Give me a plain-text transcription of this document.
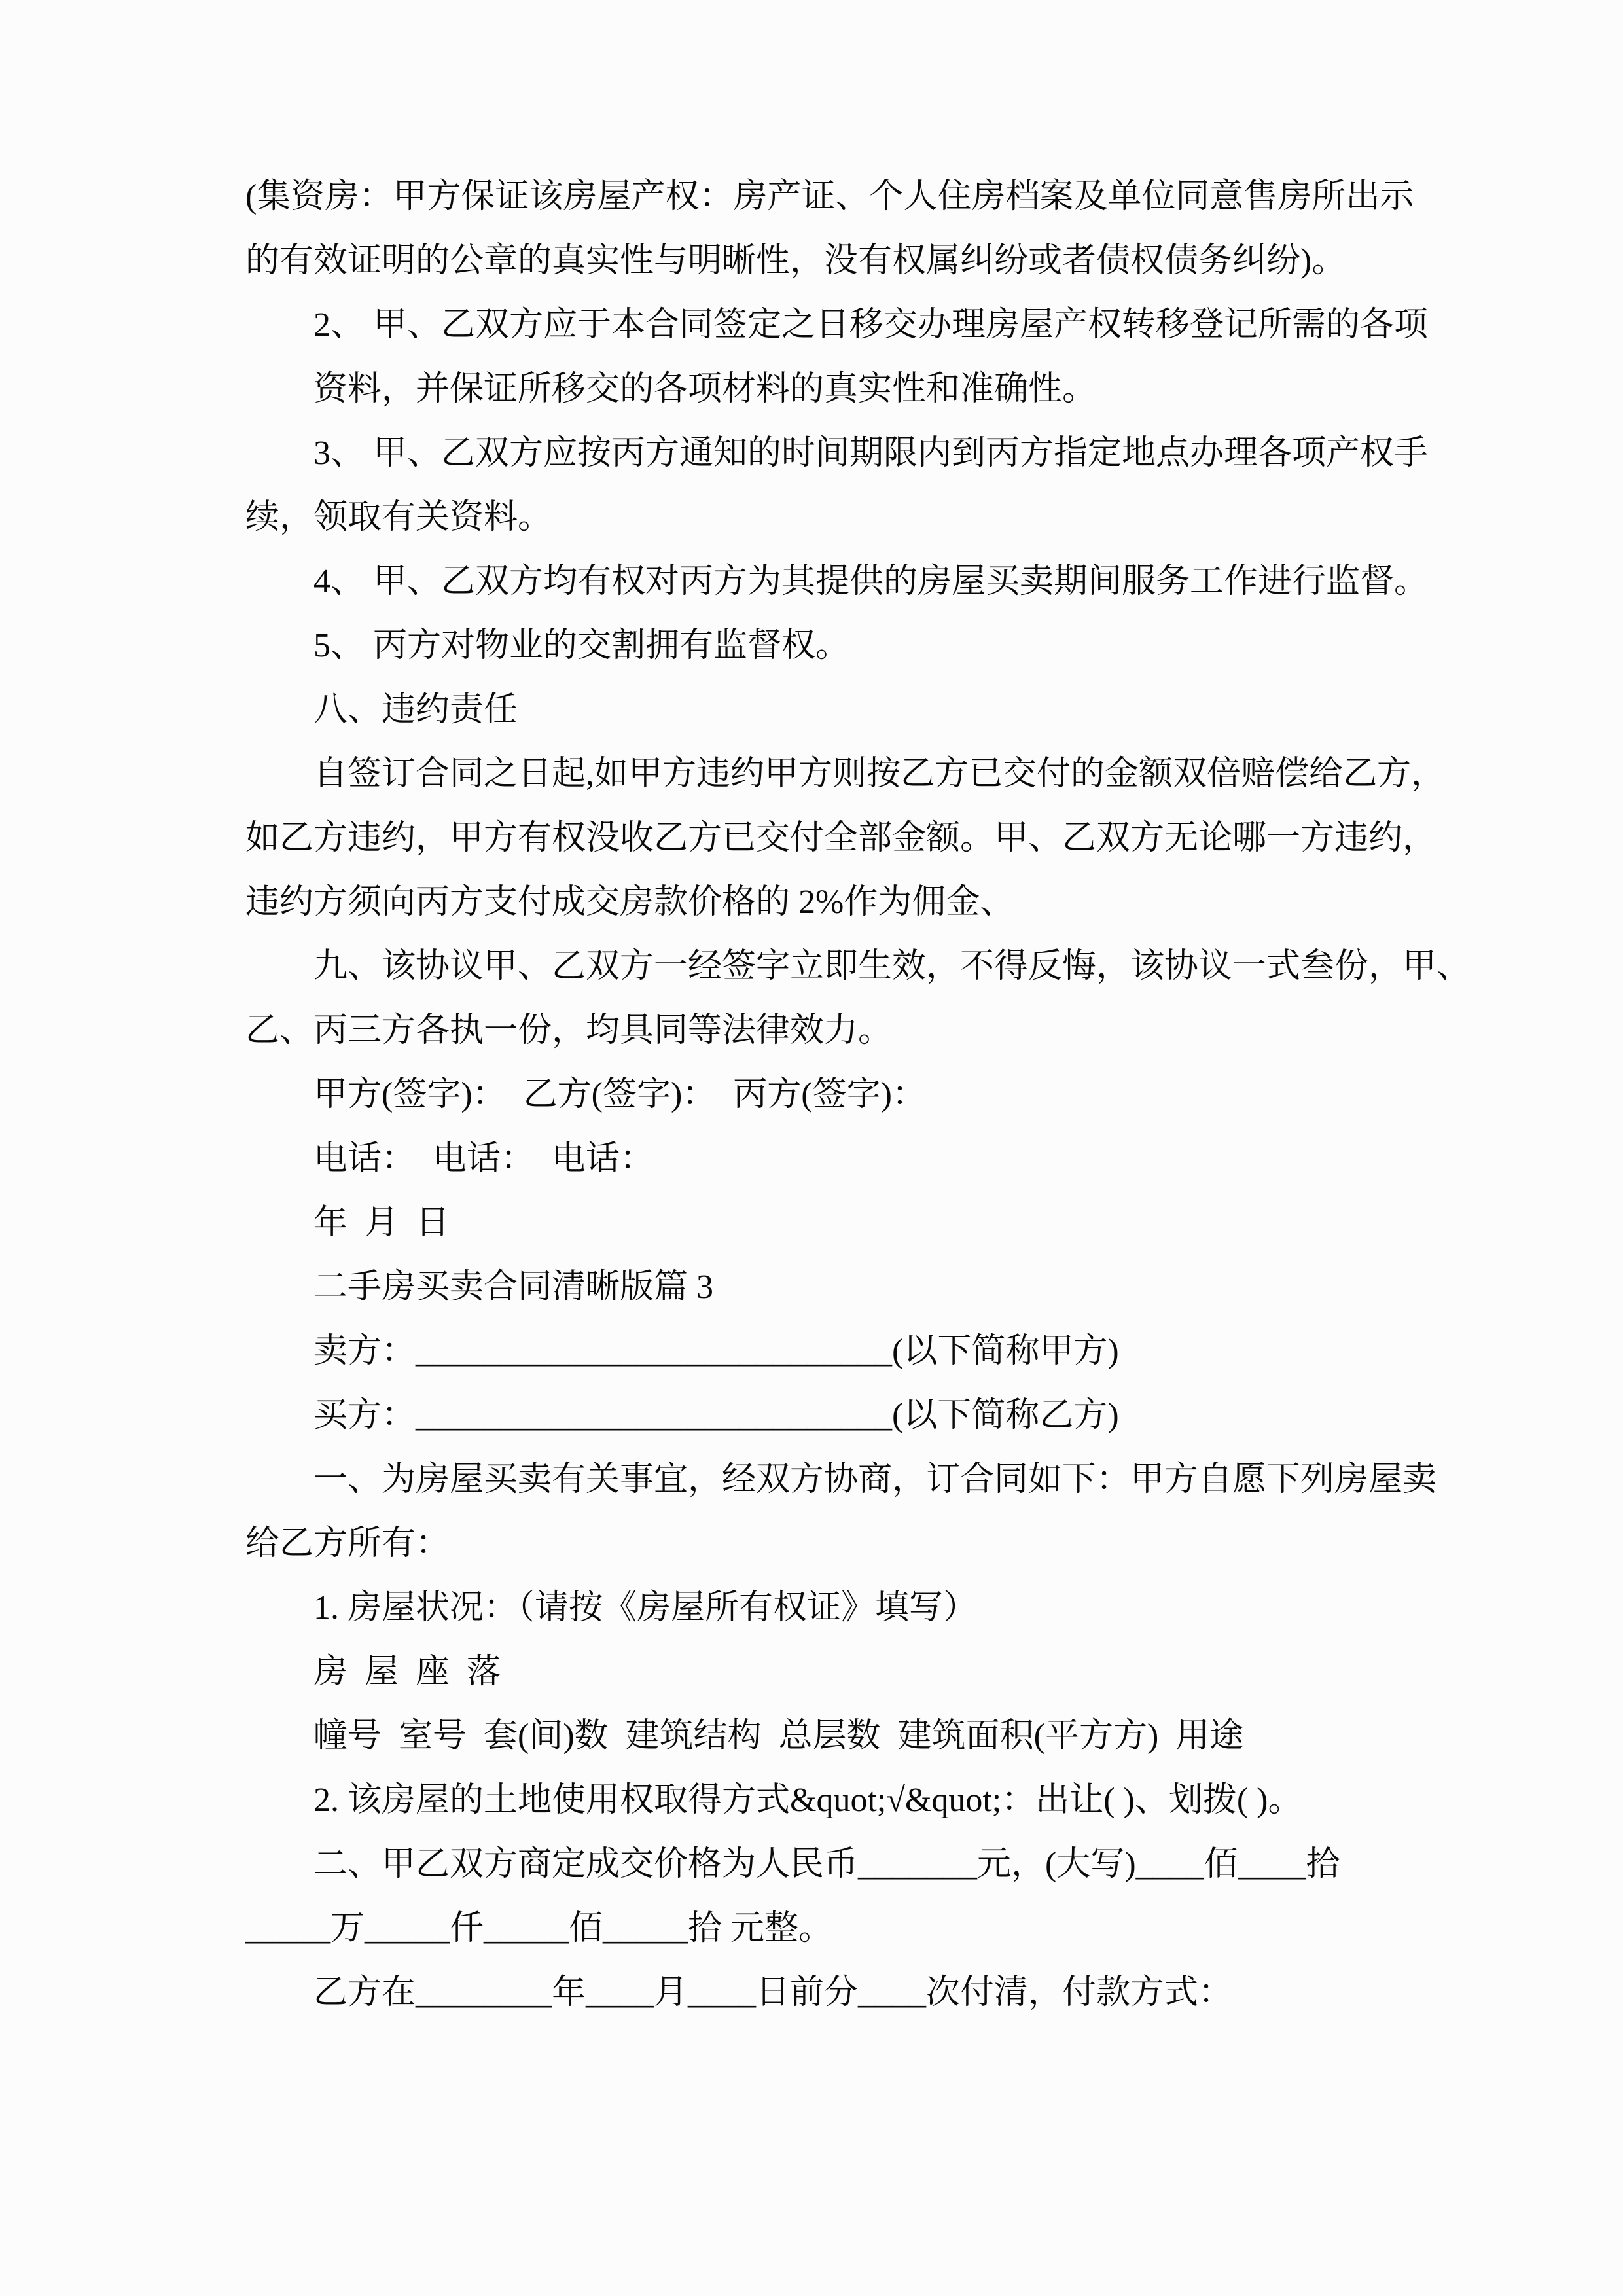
(集资房：甲方保证该房屋产权：房产证、个人住房档案及单位同意售房所出示

的有效证明的公章的真实性与明晰性，没有权属纠纷或者债权债务纠纷)。

2、 甲、乙双方应于本合同签定之日移交办理房屋产权转移登记所需的各项

资料，并保证所移交的各项材料的真实性和准确性。

3、 甲、乙双方应按丙方通知的时间期限内到丙方指定地点办理各项产权手

续，领取有关资料。

4、 甲、乙双方均有权对丙方为其提供的房屋买卖期间服务工作进行监督。

5、 丙方对物业的交割拥有监督权。

八、违约责任

自签订合同之日起,如甲方违约甲方则按乙方已交付的金额双倍赔偿给乙方，

如乙方违约，甲方有权没收乙方已交付全部金额。甲、乙双方无论哪一方违约，

违约方须向丙方支付成交房款价格的 2%作为佣金、

九、该协议甲、乙双方一经签字立即生效，不得反悔，该协议一式叁份，甲、

乙、丙三方各执一份，均具同等法律效力。

甲方(签字)：  乙方(签字)：  丙方(签字)：

电话：  电话：  电话：

年  月  日

二手房买卖合同清晰版篇 3

卖方：____________________________(以下简称甲方)

买方：____________________________(以下简称乙方)

一、为房屋买卖有关事宜，经双方协商，订合同如下：甲方自愿下列房屋卖

给乙方所有：

1. 房屋状况：（请按《房屋所有权证》填写）

房  屋  座  落

幢号  室号  套(间)数  建筑结构  总层数  建筑面积(平方方)  用途

2. 该房屋的土地使用权取得方式&quot;√&quot;：出让( )、划拨( )。

二、甲乙双方商定成交价格为人民币_______元，(大写)____佰____拾

_____万_____仟_____佰_____拾 元整。

乙方在________年____月____日前分____次付清，付款方式：
